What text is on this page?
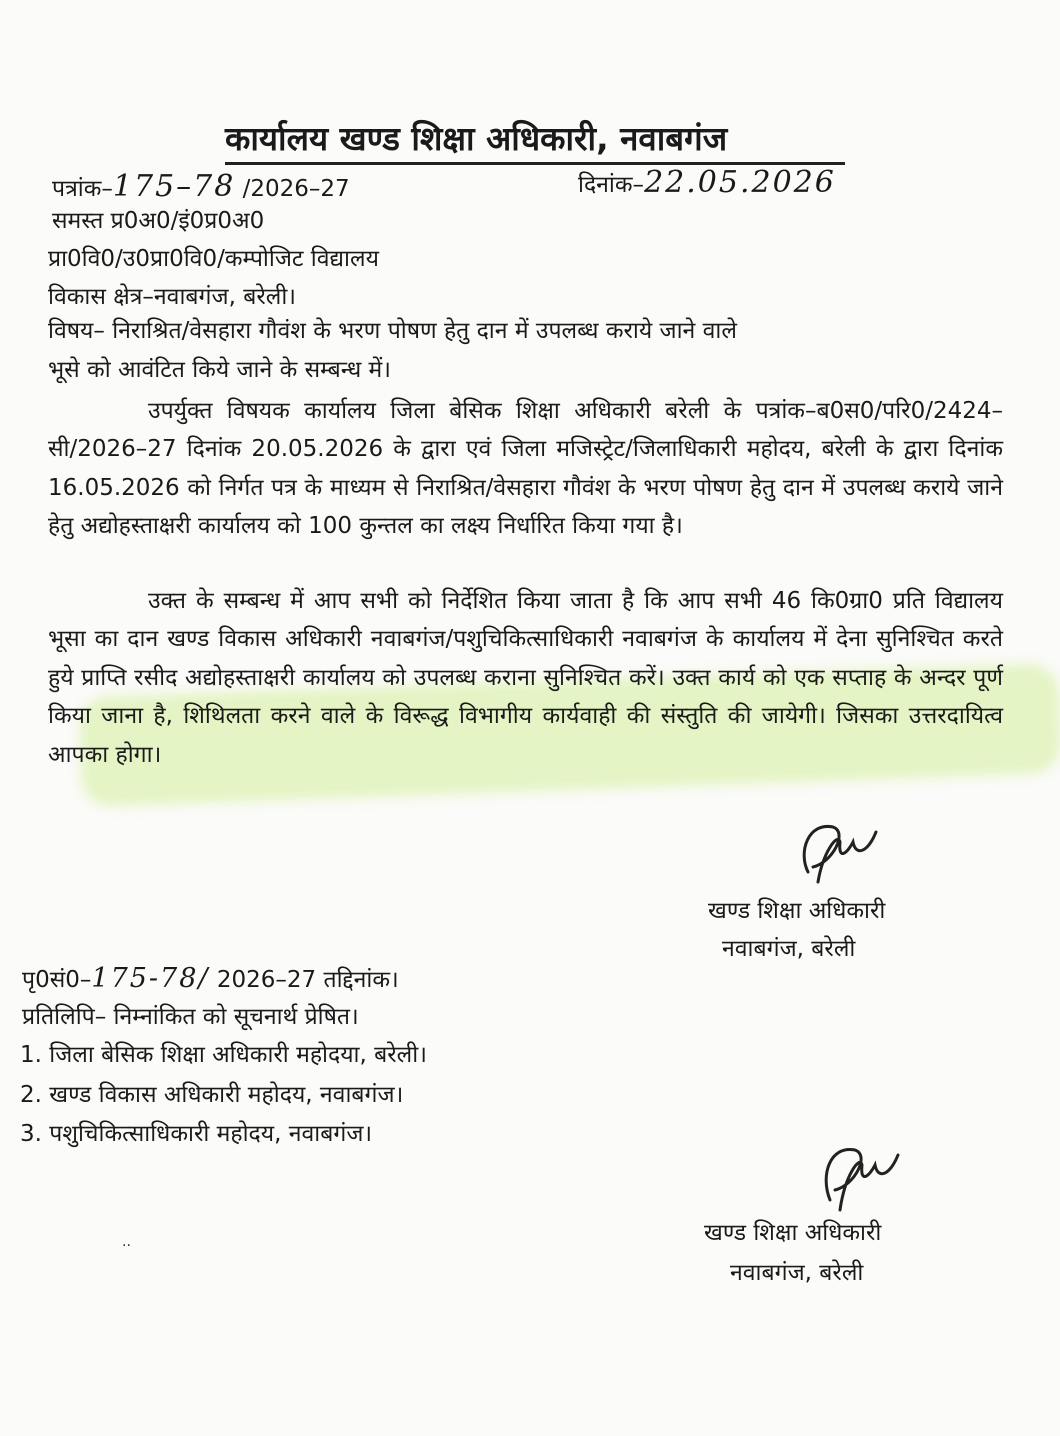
कार्यालय खण्ड शिक्षा अधिकारी, नवाबगंज
पत्रांक–175–78 /2026–27	दिनांक–22.05.2026
समस्त प्र0अ0/इं0प्र0अ0
प्रा0वि0/उ0प्रा0वि0/कम्पोजिट विद्यालय
विकास क्षेत्र–नवाबगंज, बरेली।
विषय– निराश्रित/वेसहारा गौवंश के भरण पोषण हेतु दान में उपलब्ध कराये जाने वाले
भूसे को आवंटित किये जाने के सम्बन्ध में।
उपर्युक्त विषयक कार्यालय जिला बेसिक शिक्षा अधिकारी बरेली के पत्रांक–ब0स0/परि0/2424–सी/2026–27 दिनांक 20.05.2026 के द्वारा एवं जिला मजिस्ट्रेट/जिलाधिकारी महोदय, बरेली के द्वारा दिनांक 16.05.2026 को निर्गत पत्र के माध्यम से निराश्रित/वेसहारा गौवंश के भरण पोषण हेतु दान में उपलब्ध कराये जाने हेतु अद्योहस्ताक्षरी कार्यालय को 100 कुन्तल का लक्ष्य निर्धारित किया गया है।
उक्त के सम्बन्ध में आप सभी को निर्देशित किया जाता है कि आप सभी 46 कि0ग्रा0 प्रति विद्यालय भूसा का दान खण्ड विकास अधिकारी नवाबगंज/पशुचिकित्साधिकारी नवाबगंज के कार्यालय में देना सुनिश्चित करते हुये प्राप्ति रसीद अद्योहस्ताक्षरी कार्यालय को उपलब्ध कराना सुनिश्चित करें। उक्त कार्य को एक सप्ताह के अन्दर पूर्ण किया जाना है, शिथिलता करने वाले के विरूद्ध विभागीय कार्यवाही की संस्तुति की जायेगी। जिसका उत्तरदायित्व आपका होगा।
खण्ड शिक्षा अधिकारी
नवाबगंज, बरेली
पृ0सं0–175-78/ 2026–27 तद्दिनांक।
प्रतिलिपि– निम्नांकित को सूचनार्थ प्रेषित।
1. जिला बेसिक शिक्षा अधिकारी महोदया, बरेली।
2. खण्ड विकास अधिकारी महोदय, नवाबगंज।
3. पशुचिकित्साधिकारी महोदय, नवाबगंज।
··	खण्ड शिक्षा अधिकारी
नवाबगंज, बरेली
